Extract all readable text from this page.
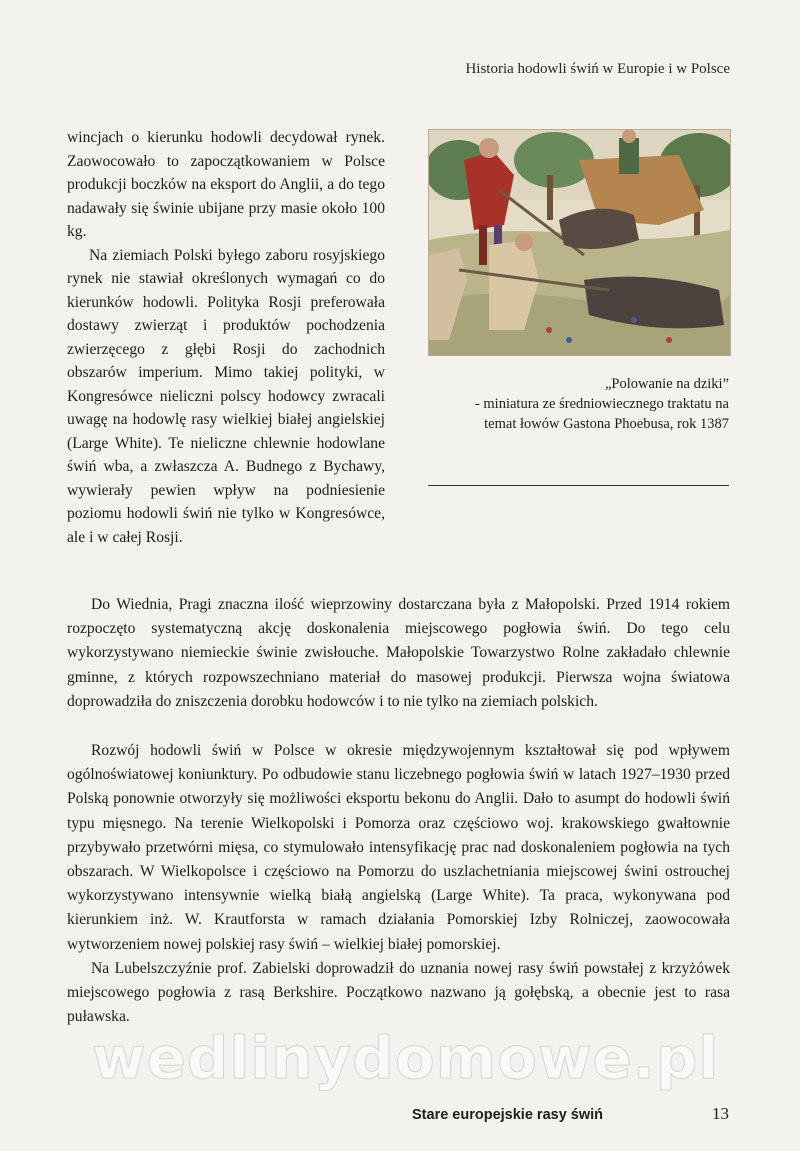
Historia hodowli świń w Europie i w Polsce

wincjach o kierunku hodowli decydował rynek. Zaowocowało to zapoczątkowaniem w Polsce produkcji boczków na eksport do Anglii, a do tego nadawały się świnie ubijane przy masie około 100 kg.

Na ziemiach Polski byłego zaboru rosyjskiego rynek nie stawiał określonych wymagań co do kierunków hodowli. Polityka Rosji preferowała dostawy zwierząt i produktów pochodzenia zwierzęcego z głębi Rosji do zachodnich obszarów imperium. Mimo takiej polityki, w Kongresówce nieliczni polscy hodowcy zwracali uwagę na hodowlę rasy wielkiej białej angielskiej (Large White). Te nieliczne chlewnie hodowlane świń wba, a zwłaszcza A. Budnego z Bychawy, wywierały pewien wpływ na podniesienie poziomu hodowli świń nie tylko w Kongresówce, ale i w całej Rosji.

„Polowanie na dziki”
- miniatura ze średniowiecznego traktatu na
temat łowów Gastona Phoebusa, rok 1387

Do Wiednia, Pragi znaczna ilość wieprzowiny dostarczana była z Małopolski. Przed 1914 rokiem rozpoczęto systematyczną akcję doskonalenia miejscowego pogłowia świń. Do tego celu wykorzystywano niemieckie świnie zwisłouche. Małopolskie Towarzystwo Rolne zakładało chlewnie gminne, z których rozpowszechniano materiał do masowej produkcji. Pierwsza wojna światowa doprowadziła do zniszczenia dorobku hodowców i to nie tylko na ziemiach polskich.

Rozwój hodowli świń w Polsce w okresie międzywojennym kształtował się pod wpływem ogólnoświatowej koniunktury. Po odbudowie stanu liczebnego pogłowia świń w latach 1927–1930 przed Polską ponownie otworzyły się możliwości eksportu bekonu do Anglii. Dało to asumpt do hodowli świń typu mięsnego. Na terenie Wielkopolski i Pomorza oraz częściowo woj. krakowskiego gwałtownie przybywało przetwórni mięsa, co stymulowało intensyfikację prac nad doskonaleniem pogłowia na tych obszarach. W Wielkopolsce i częściowo na Pomorzu do uszlachetniania miejscowej świni ostrouchej wykorzystywano intensywnie wielką białą angielską (Large White). Ta praca, wykonywana pod kierunkiem inż. W. Krautforsta w ramach działania Pomorskiej Izby Rolniczej, zaowocowała wytworzeniem nowej polskiej rasy świń – wielkiej białej pomorskiej.

Na Lubelszczyźnie prof. Zabielski doprowadził do uznania nowej rasy świń powstałej z krzyżówek miejscowego pogłowia z rasą Berkshire. Początkowo nazwano ją gołębską, a obecnie jest to rasa puławska.

wedlinydomowe.pl
Stare europejskie rasy świń	13
